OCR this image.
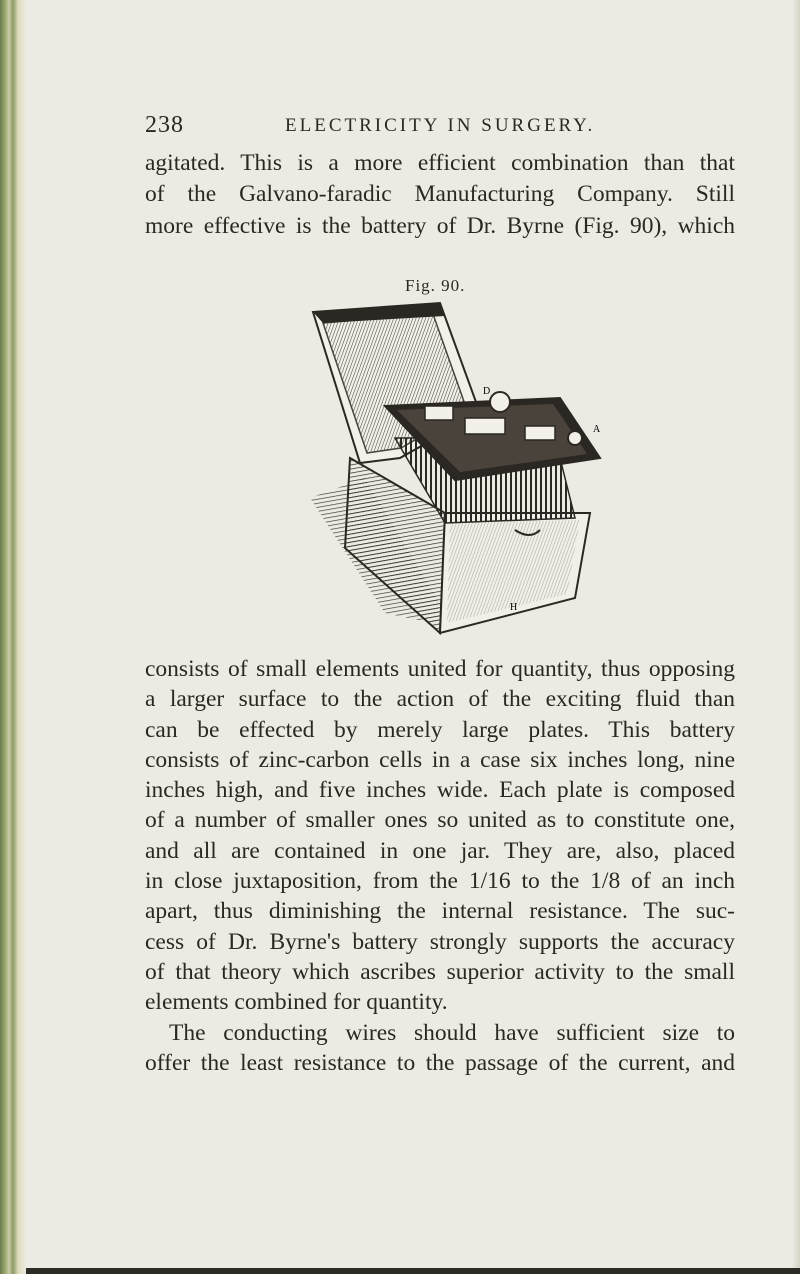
238	ELECTRICITY IN SURGERY.
agitated. This is a more efficient combination than that
of the Galvano-faradic Manufacturing Company. Still
more effective is the battery of Dr. Byrne (Fig. 90), which
Fig. 90.
D
A
H
consists of small elements united for quantity, thus opposing
a larger surface to the action of the exciting fluid than
can be effected by merely large plates. This battery
consists of zinc-carbon cells in a case six inches long, nine
inches high, and five inches wide. Each plate is composed
of a number of smaller ones so united as to constitute one,
and all are contained in one jar. They are, also, placed
in close juxtaposition, from the 1/16 to the 1/8 of an inch
apart, thus diminishing the internal resistance. The suc-
cess of Dr. Byrne's battery strongly supports the accuracy
of that theory which ascribes superior activity to the small
elements combined for quantity.
The conducting wires should have sufficient size to
offer the least resistance to the passage of the current, and
